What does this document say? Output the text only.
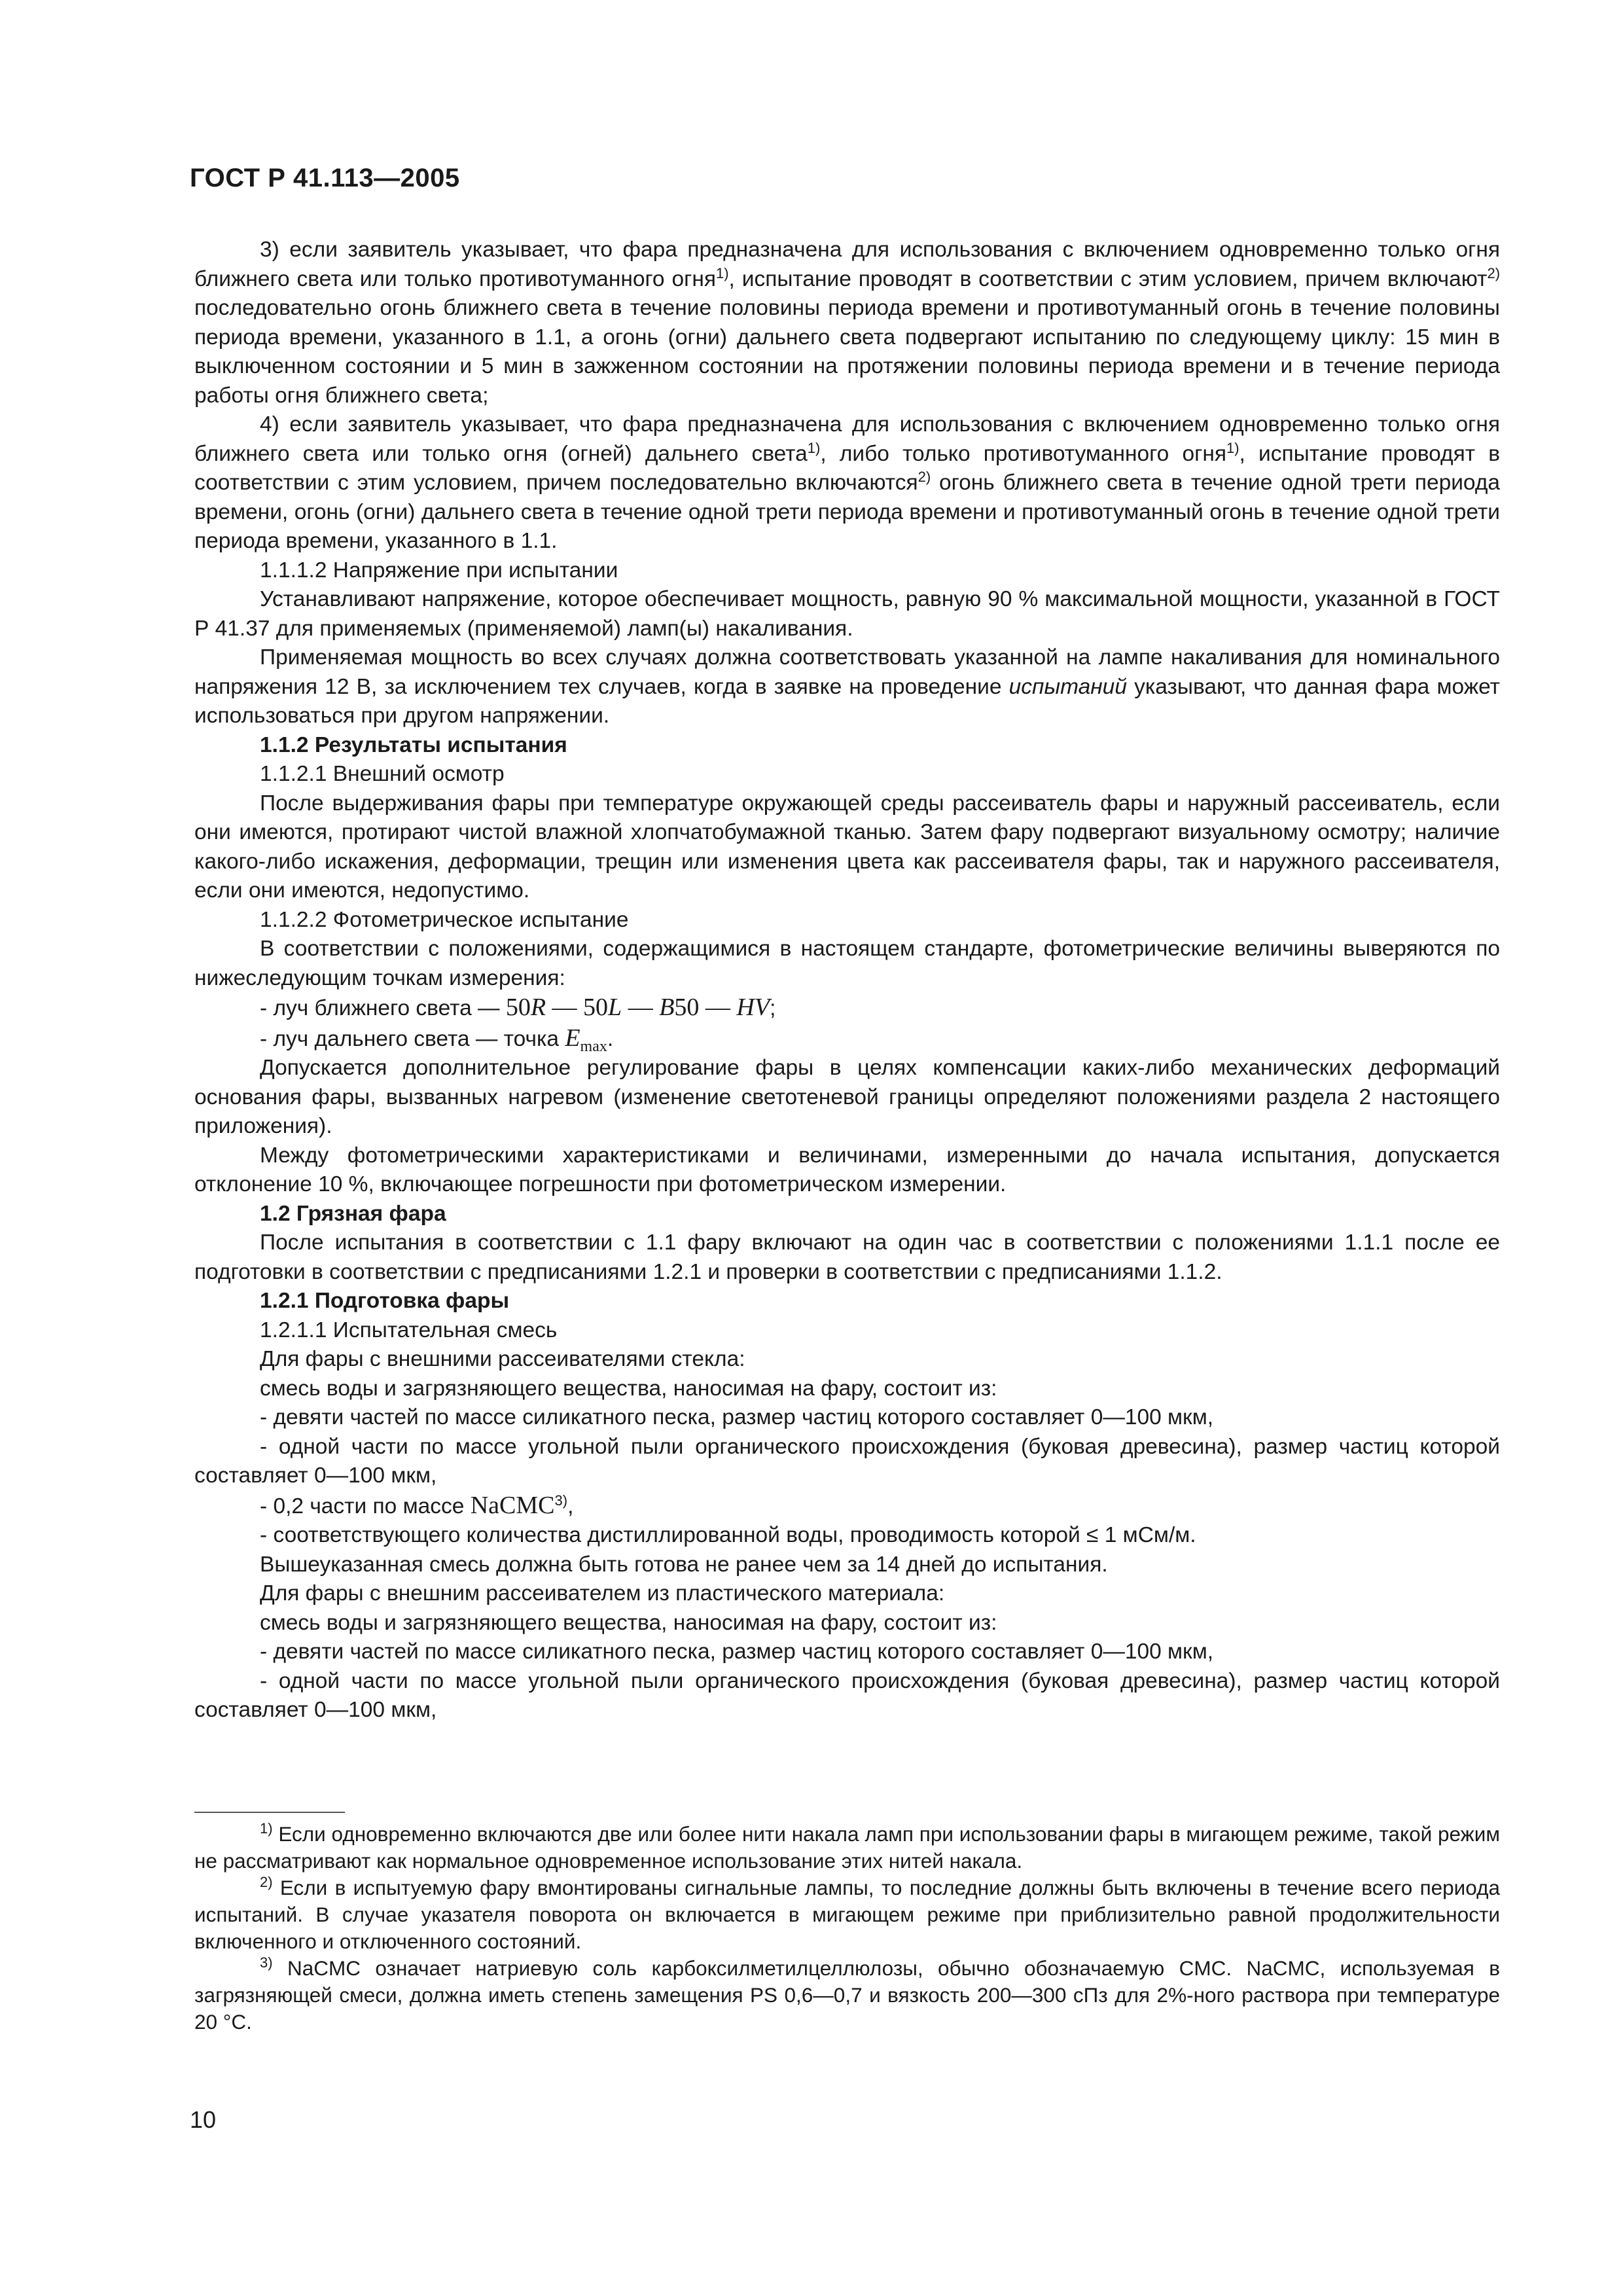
ГОСТ Р 41.113—2005

3) если заявитель указывает, что фара предназначена для использования с включением одновременно только огня ближнего света или только противотуманного огня$^{1)}$, испытание проводят в соответствии с этим условием, причем включают$^{2)}$ последовательно огонь ближнего света в течение половины периода времени и противотуманный огонь в течение половины периода времени, указанного в 1.1, а огонь (огни) дальнего света подвергают испытанию по следующему циклу: 15 мин в выключенном состоянии и 5 мин в зажженном состоянии на протяжении половины периода времени и в течение периода работы огня ближнего света;

4) если заявитель указывает, что фара предназначена для использования с включением одновременно только огня ближнего света или только огня (огней) дальнего света$^{1)}$, либо только противотуманного огня$^{1)}$, испытание проводят в соответствии с этим условием, причем последовательно включаются$^{2)}$ огонь ближнего света в течение одной трети периода времени, огонь (огни) дальнего света в течение одной трети периода времени и противотуманный огонь в течение одной трети периода времени, указанного в 1.1.

1.1.1.2 Напряжение при испытании

Устанавливают напряжение, которое обеспечивает мощность, равную 90 % максимальной мощности, указанной в ГОСТ Р 41.37 для применяемых (применяемой) ламп(ы) накаливания.

Применяемая мощность во всех случаях должна соответствовать указанной на лампе накаливания для номинального напряжения 12 В, за исключением тех случаев, когда в заявке на проведение испытаний указывают, что данная фара может использоваться при другом напряжении.

1.1.2 Результаты испытания

1.1.2.1 Внешний осмотр

После выдерживания фары при температуре окружающей среды рассеиватель фары и наружный рассеиватель, если они имеются, протирают чистой влажной хлопчатобумажной тканью. Затем фару подвергают визуальному осмотру; наличие какого-либо искажения, деформации, трещин или изменения цвета как рассеивателя фары, так и наружного рассеивателя, если они имеются, недопустимо.

1.1.2.2 Фотометрическое испытание

В соответствии с положениями, содержащимися в настоящем стандарте, фотометрические величины выверяются по нижеследующим точкам измерения:

- луч ближнего света — 50R — 50L — B50 — HV;

- луч дальнего света — точка $E_{max}$.

Допускается дополнительное регулирование фары в целях компенсации каких-либо механических деформаций основания фары, вызванных нагревом (изменение светотеневой границы определяют положениями раздела 2 настоящего приложения).

Между фотометрическими характеристиками и величинами, измеренными до начала испытания, допускается отклонение 10 %, включающее погрешности при фотометрическом измерении.

1.2 Грязная фара

После испытания в соответствии с 1.1 фару включают на один час в соответствии с положениями 1.1.1 после ее подготовки в соответствии с предписаниями 1.2.1 и проверки в соответствии с предписаниями 1.1.2.

1.2.1 Подготовка фары

1.2.1.1 Испытательная смесь

Для фары с внешними рассеивателями стекла:

смесь воды и загрязняющего вещества, наносимая на фару, состоит из:

- девяти частей по массе силикатного песка, размер частиц которого составляет 0—100 мкм,

- одной части по массе угольной пыли органического происхождения (буковая древесина), размер частиц которой составляет 0—100 мкм,

- 0,2 части по массе NaCMC$^{3)}$,

- соответствующего количества дистиллированной воды, проводимость которой ≤ 1 мСм/м.

Вышеуказанная смесь должна быть готова не ранее чем за 14 дней до испытания.

Для фары с внешним рассеивателем из пластического материала:

смесь воды и загрязняющего вещества, наносимая на фару, состоит из:

- девяти частей по массе силикатного песка, размер частиц которого составляет 0—100 мкм,

- одной части по массе угольной пыли органического происхождения (буковая древесина), размер частиц которой составляет 0—100 мкм,

$^{1)}$ Если одновременно включаются две или более нити накала ламп при использовании фары в мигающем режиме, такой режим не рассматривают как нормальное одновременное использование этих нитей накала.

$^{2)}$ Если в испытуемую фару вмонтированы сигнальные лампы, то последние должны быть включены в течение всего периода испытаний. В случае указателя поворота он включается в мигающем режиме при приблизительно равной продолжительности включенного и отключенного состояний.

$^{3)}$ NaCMC означает натриевую соль карбоксилметилцеллюлозы, обычно обозначаемую CMC. NaCMC, используемая в загрязняющей смеси, должна иметь степень замещения PS 0,6—0,7 и вязкость 200—300 сПз для 2%-ного раствора при температуре 20 °С.

10
